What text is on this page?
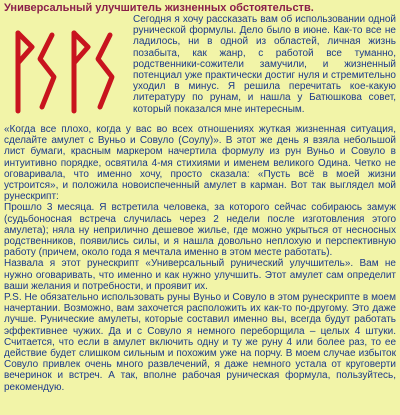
Универсальный улучшитель жизненных обстоятельств.

Сегодня я хочу рассказать вам об использовании одной рунической формулы. Дело было в июне. Как-то все не ладилось, ни в одной из областей, личная жизнь позабыта, как жанр, с работой все туманно, родственники-сожители замучили, и жизненный потенциал уже практически достиг нуля и стремительно уходил в минус. Я решила перечитать кое-какую литературу по рунам, и нашла у Батюшкова совет, который показался мне интересным.

«Когда все плохо, когда у вас во всех отношениях жуткая жизненная ситуация, сделайте амулет с Вуньо и Совуло (Соулу)». В этот же день я взяла небольшой лист бумаги, красным маркером начертила формулу из рун Вуньо и Совуло в интуитивно порядке, освятила 4-мя стихиями и именем великого Одина. Четко не оговаривала, что именно хочу, просто сказала: «Пусть всё в моей жизни устроится», и положила новоиспеченный амулет в карман. Вот так выглядел мой рунескрипт:

Прошло 3 месяца. Я встретила человека, за которого сейчас собираюсь замуж (судьбоносная встреча случилась через 2 недели после изготовления этого амулета); няла ну неприлично дешевое жилье, где можно укрыться от несносных родственников, появились силы, и я нашла довольно неплохую и перспективную работу (причем, около года я мечтала именно в этом месте работать).

Назвала я этот рунескрипт «Универсальный рунический улучшитель». Вам не нужно оговаривать, что именно и как нужно улучшить. Этот амулет сам определит ваши желания и потребности, и проявит их.

P.S. Не обязательно использовать руны Вуньо и Совуло в этом рунескрипте в моем начертании. Возможно, вам захочется расположить их как-то по-другому. Это даже лучше. Рунические амулеты, которые составил именно вы, всегда будут работать эффективнее чужих. Да и с Совуло я немного переборщила – целых 4 штуки. Считается, что если в амулет включить одну и ту же руну 4 или более раз, то ее действие будет слишком сильным и похожим уже на порчу. В моем случае избыток Совуло привлек очень много развлечений, я даже немного устала от круговерти вечеринок и встреч. А так, вполне рабочая руническая формула, пользуйтесь, рекомендую.
